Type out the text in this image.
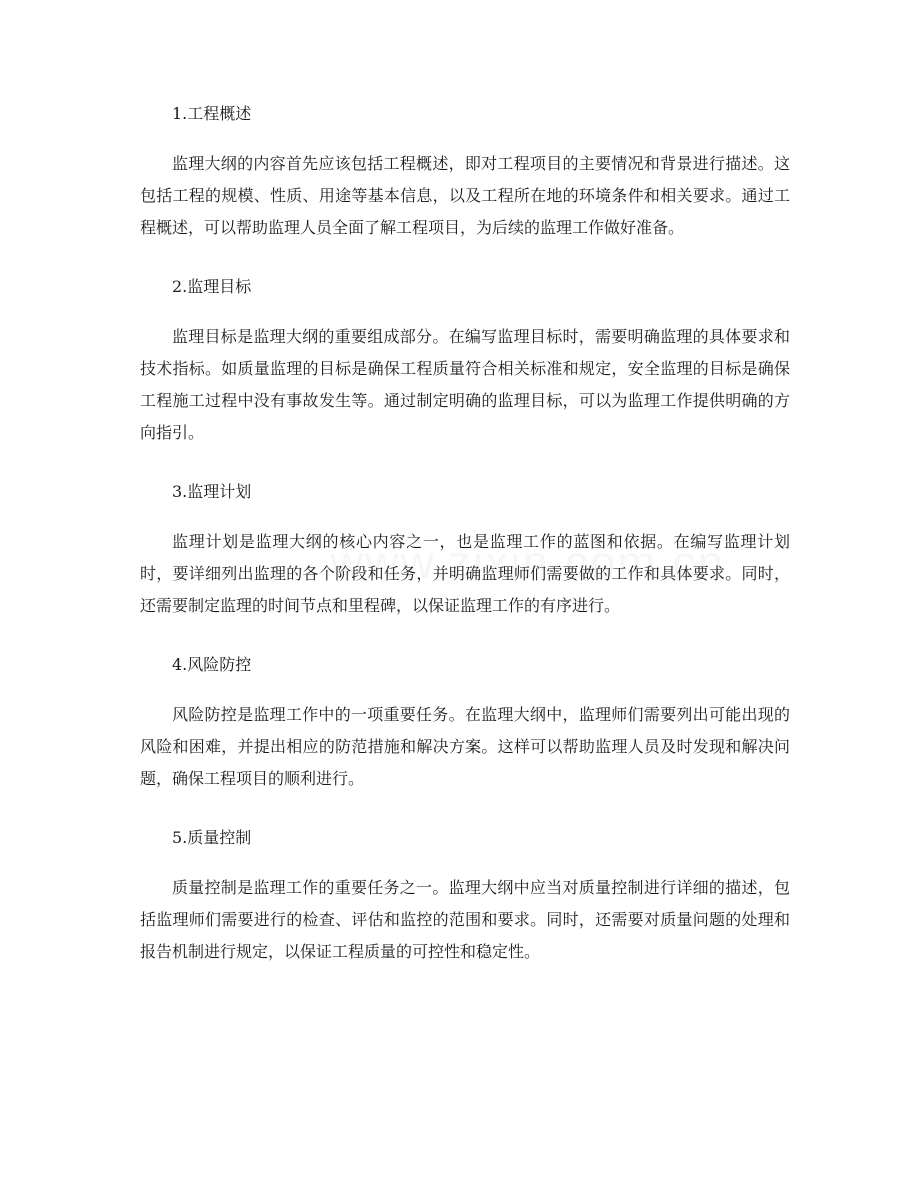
1.工程概述

监理大纲的内容首先应该包括工程概述，即对工程项目的主要情况和背景进行描述。这包括工程的规模、性质、用途等基本信息，以及工程所在地的环境条件和相关要求。通过工程概述，可以帮助监理人员全面了解工程项目，为后续的监理工作做好准备。

2.监理目标

监理目标是监理大纲的重要组成部分。在编写监理目标时，需要明确监理的具体要求和技术指标。如质量监理的目标是确保工程质量符合相关标准和规定，安全监理的目标是确保工程施工过程中没有事故发生等。通过制定明确的监理目标，可以为监理工作提供明确的方向指引。

3.监理计划

监理计划是监理大纲的核心内容之一，也是监理工作的蓝图和依据。在编写监理计划时，要详细列出监理的各个阶段和任务，并明确监理师们需要做的工作和具体要求。同时，还需要制定监理的时间节点和里程碑，以保证监理工作的有序进行。

4.风险防控

风险防控是监理工作中的一项重要任务。在监理大纲中，监理师们需要列出可能出现的风险和困难，并提出相应的防范措施和解决方案。这样可以帮助监理人员及时发现和解决问题，确保工程项目的顺利进行。

5.质量控制

质量控制是监理工作的重要任务之一。监理大纲中应当对质量控制进行详细的描述，包括监理师们需要进行的检查、评估和监控的范围和要求。同时，还需要对质量问题的处理和报告机制进行规定，以保证工程质量的可控性和稳定性。
